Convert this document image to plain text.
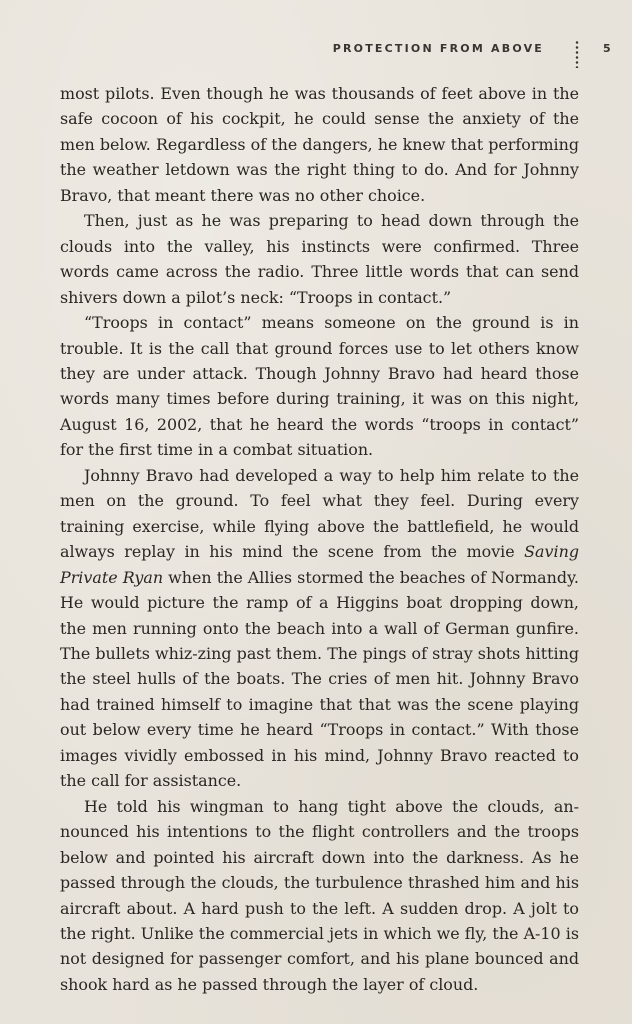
PROTECTION FROM ABOVE	5

most pilots. Even though he was thousands of feet above in the safe cocoon of his cockpit, he could sense the anxiety of the men below. Regardless of the dangers, he knew that performing the weather letdown was the right thing to do. And for Johnny Bravo, that meant there was no other choice.

Then, just as he was preparing to head down through the clouds into the valley, his instincts were confirmed. Three words came across the radio. Three little words that can send shivers down a pilot’s neck: “Troops in contact.”

“Troops in contact” means someone on the ground is in trouble. It is the call that ground forces use to let others know they are under attack. Though Johnny Bravo had heard those words many times before during training, it was on this night, August 16, 2002, that he heard the words “troops in contact” for the first time in a combat situation.

Johnny Bravo had developed a way to help him relate to the men on the ground. To feel what they feel. During every training exercise, while flying above the battlefield, he would always replay in his mind the scene from the movie Saving Private Ryan when the Allies stormed the beaches of Normandy. He would picture the ramp of a Higgins boat dropping down, the men running onto the beach into a wall of German gunfire. The bullets whiz-zing past them. The pings of stray shots hitting the steel hulls of the boats. The cries of men hit. Johnny Bravo had trained himself to imagine that that was the scene playing out below every time he heard “Troops in contact.” With those images vividly embossed in his mind, Johnny Bravo reacted to the call for assistance.

He told his wingman to hang tight above the clouds, an-nounced his intentions to the flight controllers and the troops below and pointed his aircraft down into the darkness. As he passed through the clouds, the turbulence thrashed him and his aircraft about. A hard push to the left. A sudden drop. A jolt to the right. Unlike the commercial jets in which we fly, the A-10 is not designed for passenger comfort, and his plane bounced and shook hard as he passed through the layer of cloud.
